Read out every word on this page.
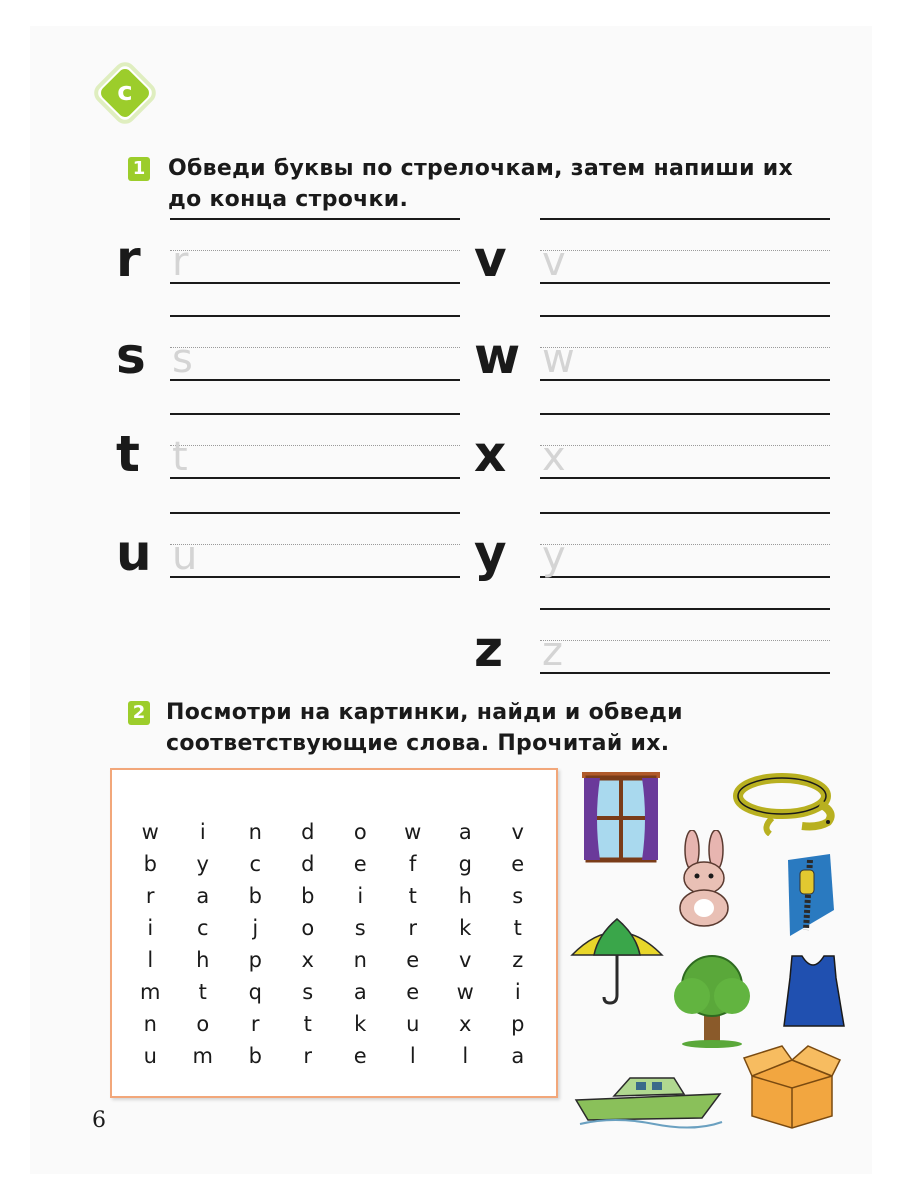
c
1 Обведи буквы по стрелочкам, затем напиши их
до конца строчки.
r r
s s
t t
u u
v v
w w
x x
y y
z z
2 Посмотри на картинки, найди и обведи
соответствующие слова. Прочитай их.
w	i	n	d	o	w	a	v
b	y	c	d	e	f	g	e
r	a	b	b	i	t	h	s
i	c	j	o	s	r	k	t
l	h	p	x	n	e	v	z
m	t	q	s	a	e	w	i
n	o	r	t	k	u	x	p
u	m	b	r	e	l	l	a
6
